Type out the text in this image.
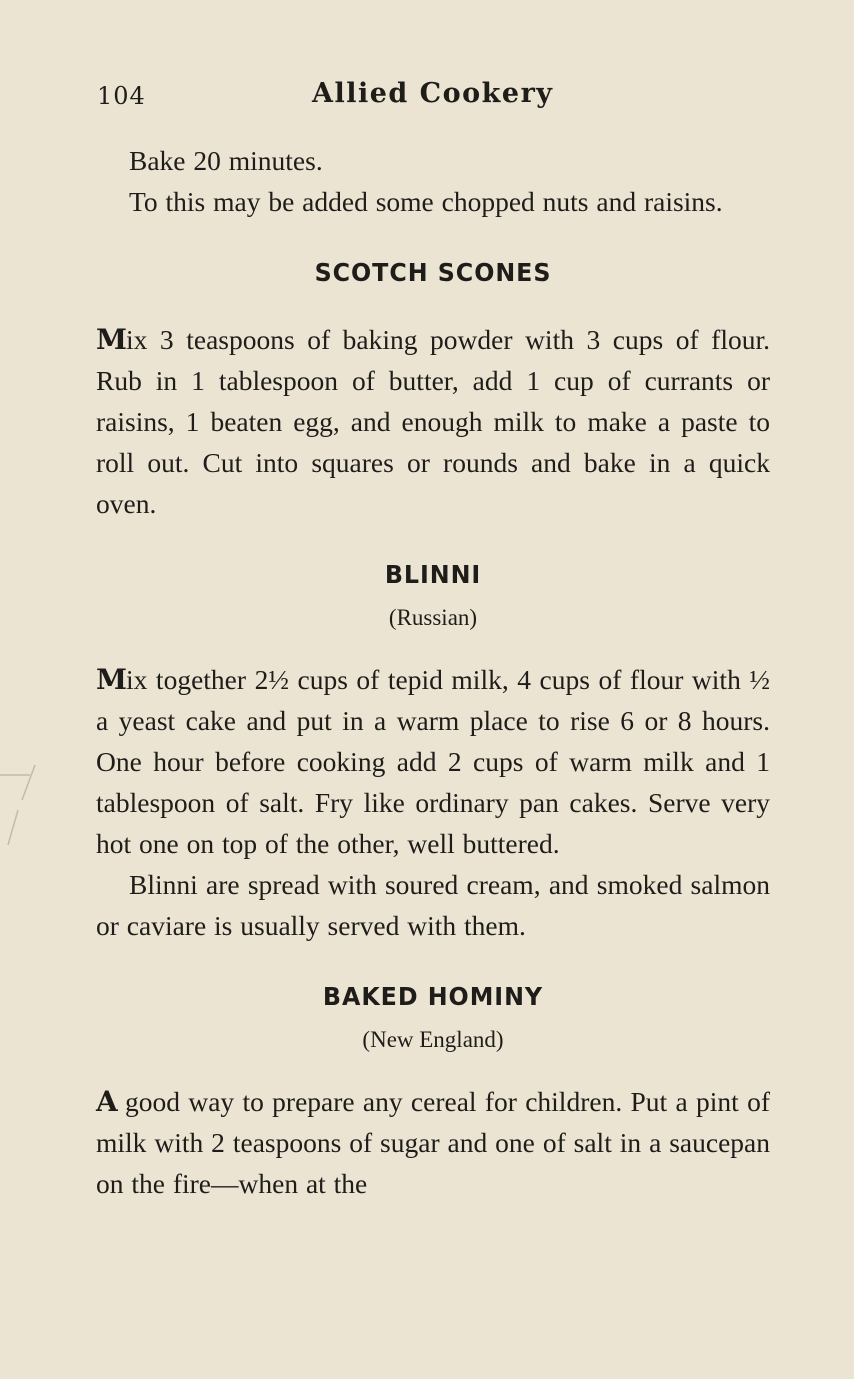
104	Allied Cookery

Bake 20 minutes.

To this may be added some chopped nuts and raisins.

SCOTCH SCONES

Mix 3 teaspoons of baking powder with 3 cups of flour. Rub in 1 tablespoon of butter, add 1 cup of currants or raisins, 1 beaten egg, and enough milk to make a paste to roll out. Cut into squares or rounds and bake in a quick oven.

BLINNI
(Russian)

Mix together 2½ cups of tepid milk, 4 cups of flour with ½ a yeast cake and put in a warm place to rise 6 or 8 hours. One hour before cooking add 2 cups of warm milk and 1 tablespoon of salt. Fry like ordinary pan cakes. Serve very hot one on top of the other, well buttered.

Blinni are spread with soured cream, and smoked salmon or caviare is usually served with them.

BAKED HOMINY
(New England)

A good way to prepare any cereal for children. Put a pint of milk with 2 teaspoons of sugar and one of salt in a saucepan on the fire—when at the
